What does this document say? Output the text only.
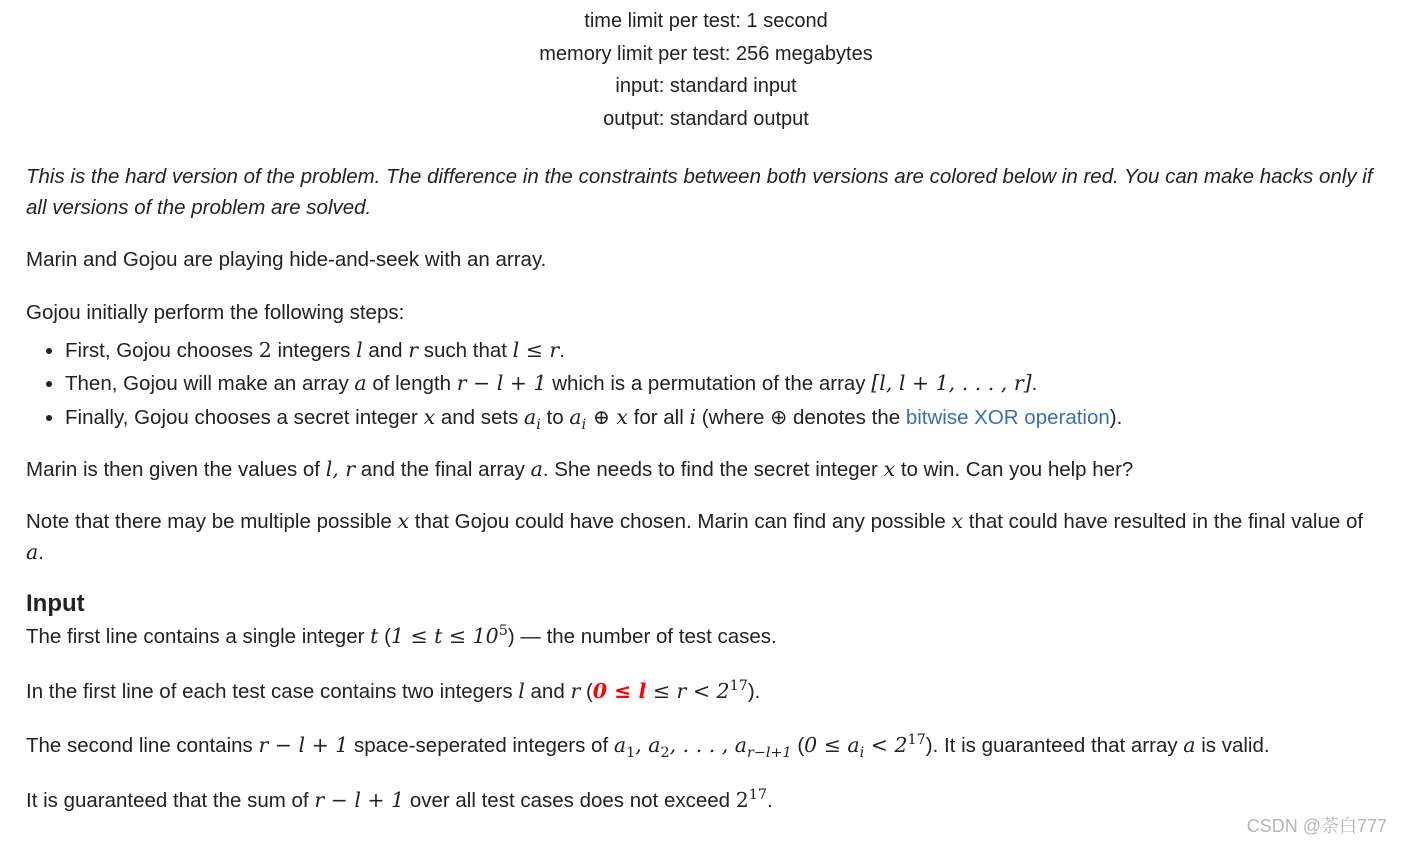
time limit per test: 1 second
memory limit per test: 256 megabytes
input: standard input
output: standard output

This is the hard version of the problem. The difference in the constraints between both versions are colored below in red. You can make hacks only if all versions of the problem are solved.

Marin and Gojou are playing hide-and-seek with an array.

Gojou initially perform the following steps:

• First, Gojou chooses 2 integers l and r such that l ≤ r.
• Then, Gojou will make an array a of length r − l + 1 which is a permutation of the array [l, l + 1, . . . , r].
• Finally, Gojou chooses a secret integer x and sets $a_i$ to $a_i$ ⊕ x for all i (where ⊕ denotes the bitwise XOR operation).

Marin is then given the values of l, r and the final array a. She needs to find the secret integer x to win. Can you help her?

Note that there may be multiple possible x that Gojou could have chosen. Marin can find any possible x that could have resulted in the final value of a.

Input

The first line contains a single integer t $(1 \le t \le 10^5)$ — the number of test cases.

In the first line of each test case contains two integers l and r $(0 \le l \le r < 2^{17})$.

The second line contains r − l + 1 space-seperated integers of $a_1$, $a_2$, . . . , $a_{r-l+1}$ $(0 \le a_i < 2^{17})$. It is guaranteed that array a is valid.

It is guaranteed that the sum of r − l + 1 over all test cases does not exceed $2^{17}$.

CSDN @荼白777
